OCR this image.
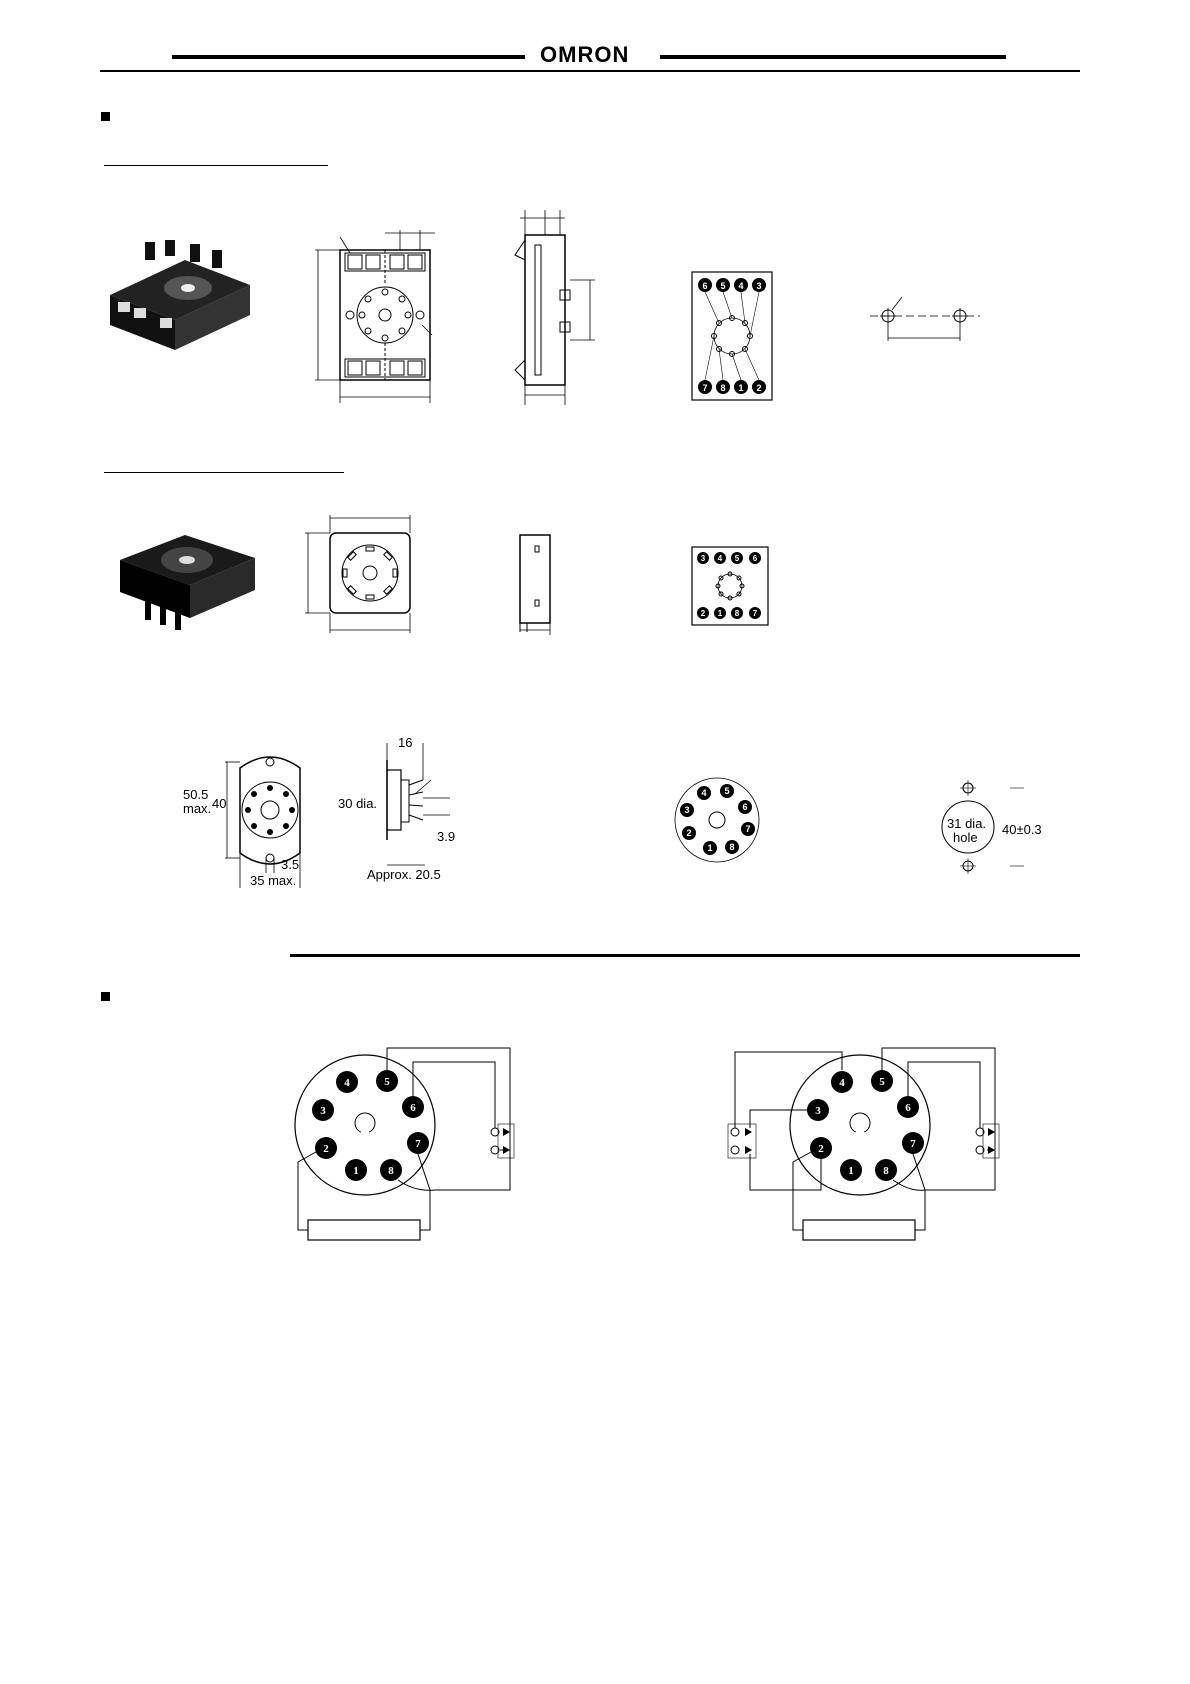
OMRON
6 5 4 3
7 8 1 2
3 4 5 6
2 1 8 7
50.5
max. 40
3.5
35 max.
16
30 dia.
3.9
Approx. 20.5
4 5
6
7
8
1
2
3
31 dia.
hole
40±0.3
4	5
3	6
2	7
1	8
4	5
3	6
2	7
1	8
